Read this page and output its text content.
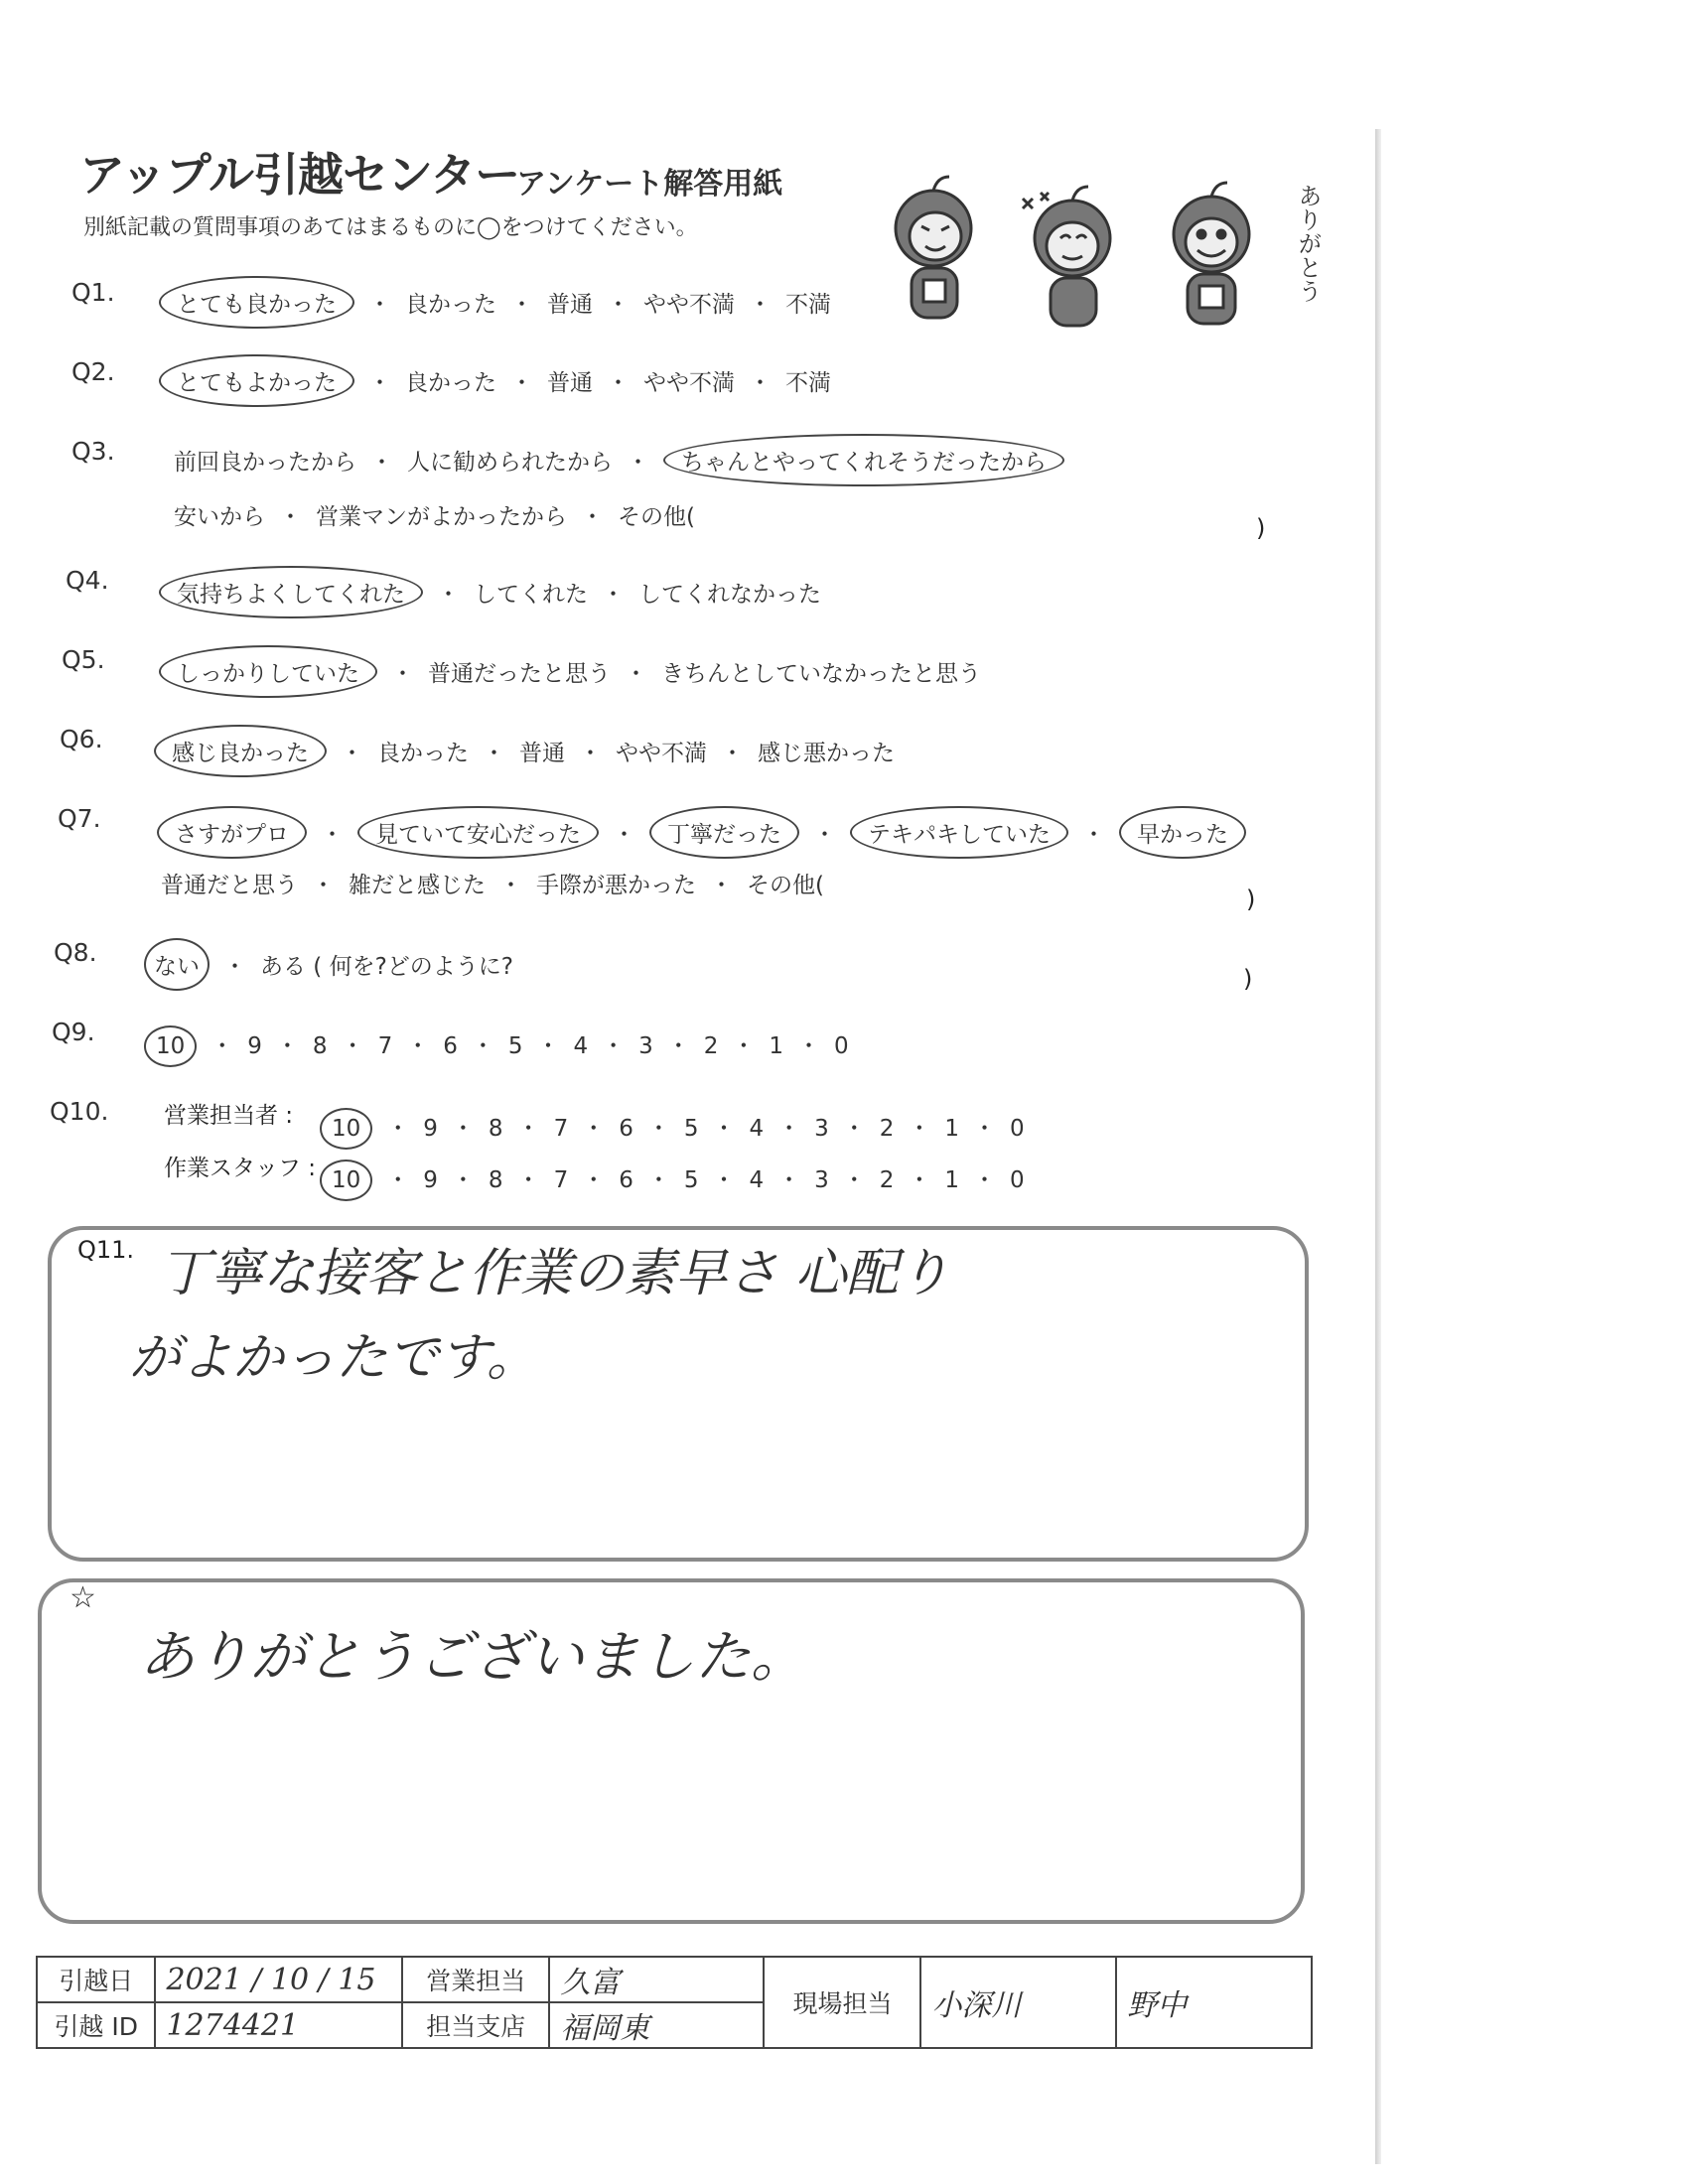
アップル引越センター
アンケート解答用紙
別紙記載の質問事項のあてはまるものに◯をつけてください。	ありがとう
Q1.	とても良かった ・ 良かった ・ 普通 ・ やや不満 ・ 不満
Q2.	とてもよかった ・ 良かった ・ 普通 ・ やや不満 ・ 不満
Q3.	前回良かったから ・ 人に勧められたから ・ ちゃんとやってくれそうだったから
安いから ・ 営業マンがよかったから ・ その他(	)
Q4.	気持ちよくしてくれた ・ してくれた ・ してくれなかった
Q5.	しっかりしていた ・ 普通だったと思う ・ きちんとしていなかったと思う
Q6.	感じ良かった ・ 良かった ・ 普通 ・ やや不満 ・ 感じ悪かった
Q7.
さすがプロ ・ 見ていて安心だった ・ 丁寧だった ・ テキパキしていた ・ 早かった
普通だと思う ・ 雑だと感じた ・ 手際が悪かった ・ その他(	)
Q8.	ない ・ ある ( 何を?どのように?	)
Q9.	10 ・ 9 ・ 8 ・ 7 ・ 6 ・ 5 ・ 4 ・ 3 ・ 2 ・ 1 ・ 0
Q10. 営業担当者 :	10 ・ 9 ・ 8 ・ 7 ・ 6 ・ 5 ・ 4 ・ 3 ・ 2 ・ 1 ・ 0
作業スタッフ : 10 ・ 9 ・ 8 ・ 7 ・ 6 ・ 5 ・ 4 ・ 3 ・ 2 ・ 1 ・ 0
Q11. 丁寧な接客と作業の素早さ 心配り
がよかったです。
☆
ありがとうございました。
引越日	2021 / 10 / 15	営業担当	久富	現場担当	小深川	野中
引越 ID	1274421	担当支店	福岡東			
